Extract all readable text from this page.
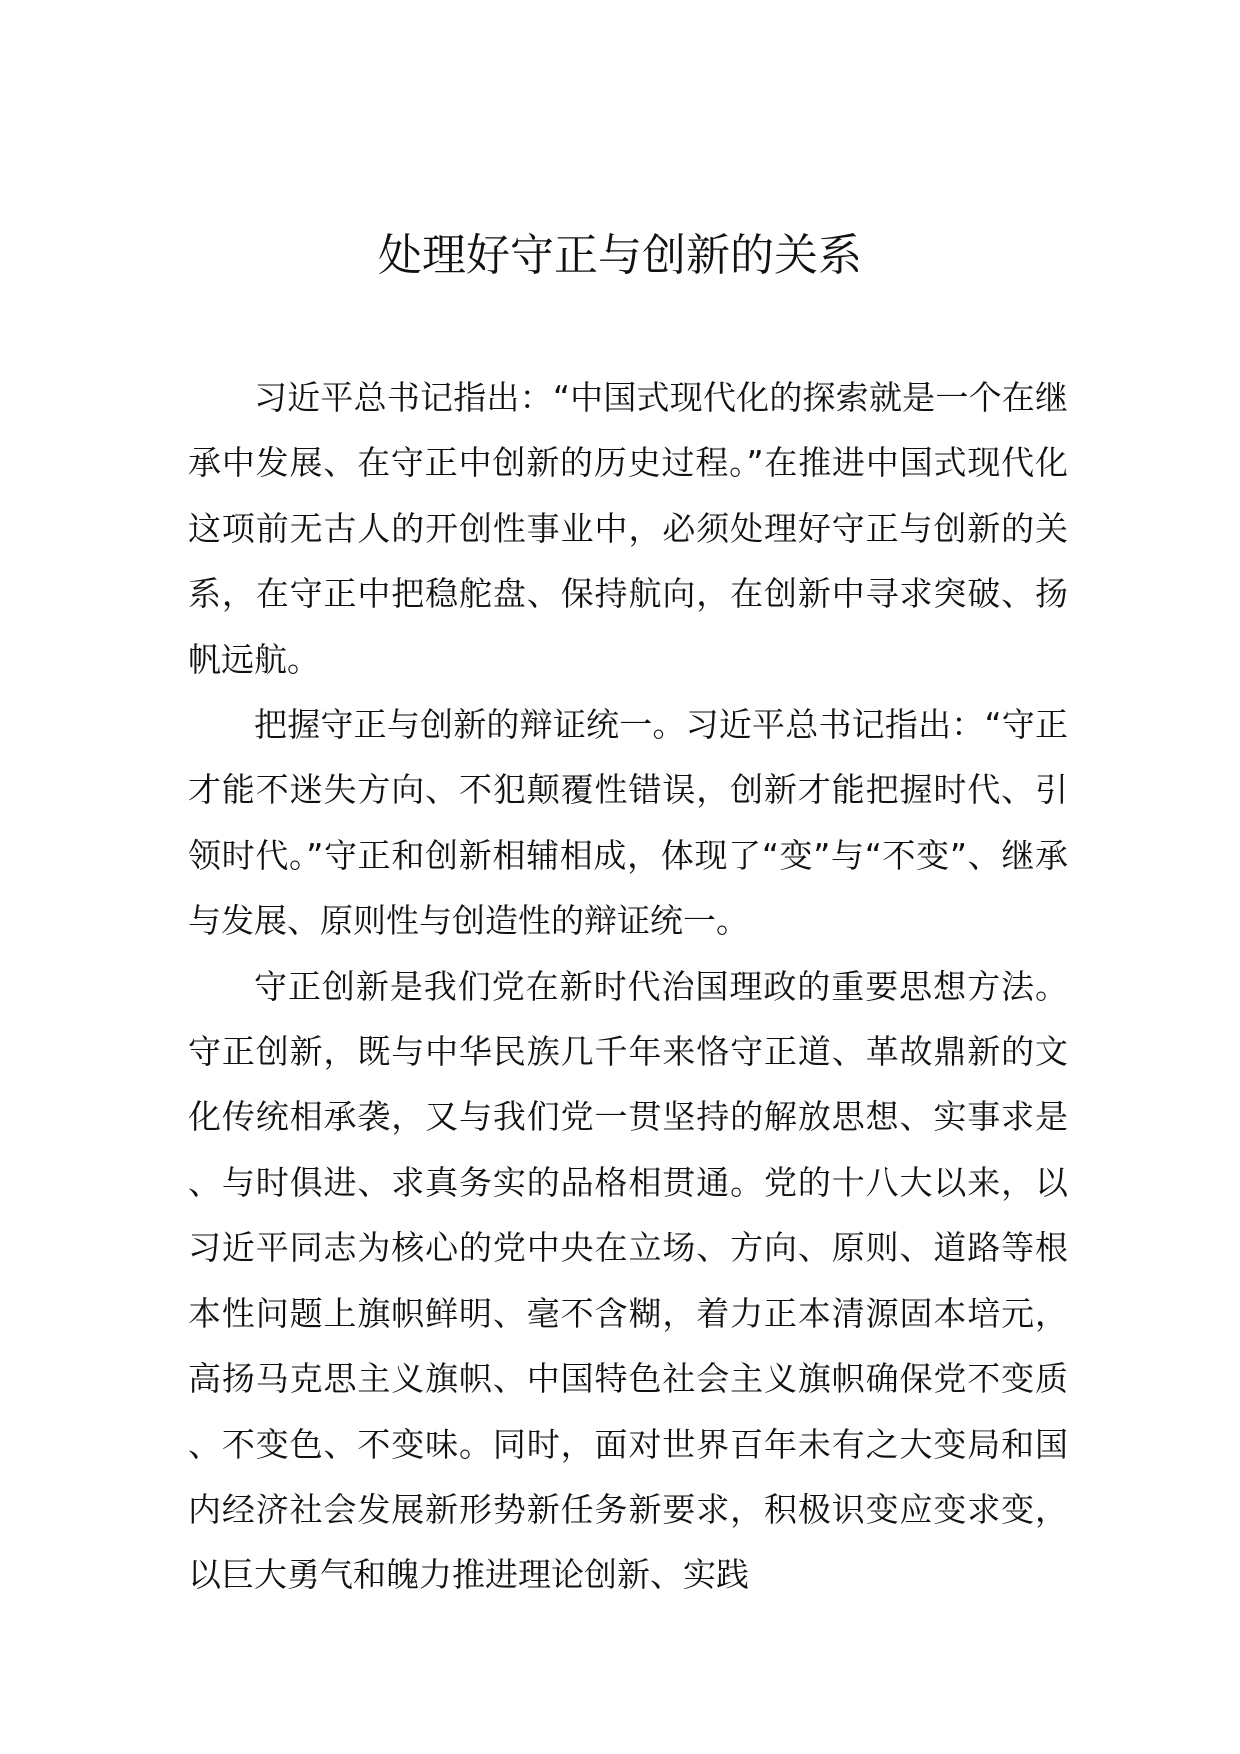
处理好守正与创新的关系

习近平总书记指出：“中国式现代化的探索就是一个在继承中发展、在守正中创新的历史过程。”在推进中国式现代化这项前无古人的开创性事业中，必须处理好守正与创新的关系，在守正中把稳舵盘、保持航向，在创新中寻求突破、扬帆远航。

把握守正与创新的辩证统一。习近平总书记指出：“守正才能不迷失方向、不犯颠覆性错误，创新才能把握时代、引领时代。”守正和创新相辅相成，体现了“变”与“不变”、继承与发展、原则性与创造性的辩证统一。

守正创新是我们党在新时代治国理政的重要思想方法。守正创新，既与中华民族几千年来恪守正道、革故鼎新的文化传统相承袭，又与我们党一贯坚持的解放思想、实事求是、与时俱进、求真务实的品格相贯通。党的十八大以来，以习近平同志为核心的党中央在立场、方向、原则、道路等根本性问题上旗帜鲜明、毫不含糊，着力正本清源固本培元，高扬马克思主义旗帜、中国特色社会主义旗帜确保党不变质、不变色、不变味。同时，面对世界百年未有之大变局和国内经济社会发展新形势新任务新要求，积极识变应变求变，以巨大勇气和魄力推进理论创新、实践
